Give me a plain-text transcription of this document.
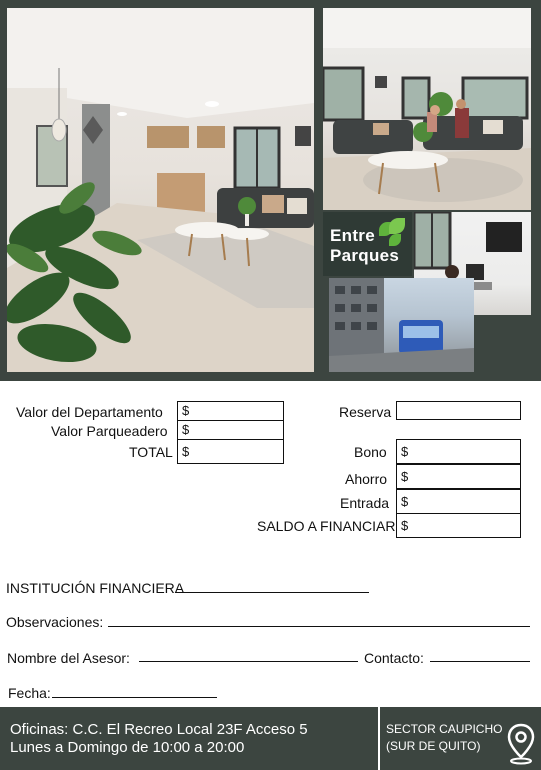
Entre
Parques
Valor del Departamento	$
Valor Parqueadero	$
TOTAL $
Reserva
Bono	$
Ahorro	$
Entrada $
SALDO A FINANCIAR $
INSTITUCIÓN FINANCIERA
Observaciones:
Nombre del Asesor:	Contacto:
Fecha:
Oficinas: C.C. El Recreo Local 23F Acceso 5
Lunes a Domingo de 10:00 a 20:00
SECTOR CAUPICHO
(SUR DE QUITO)
